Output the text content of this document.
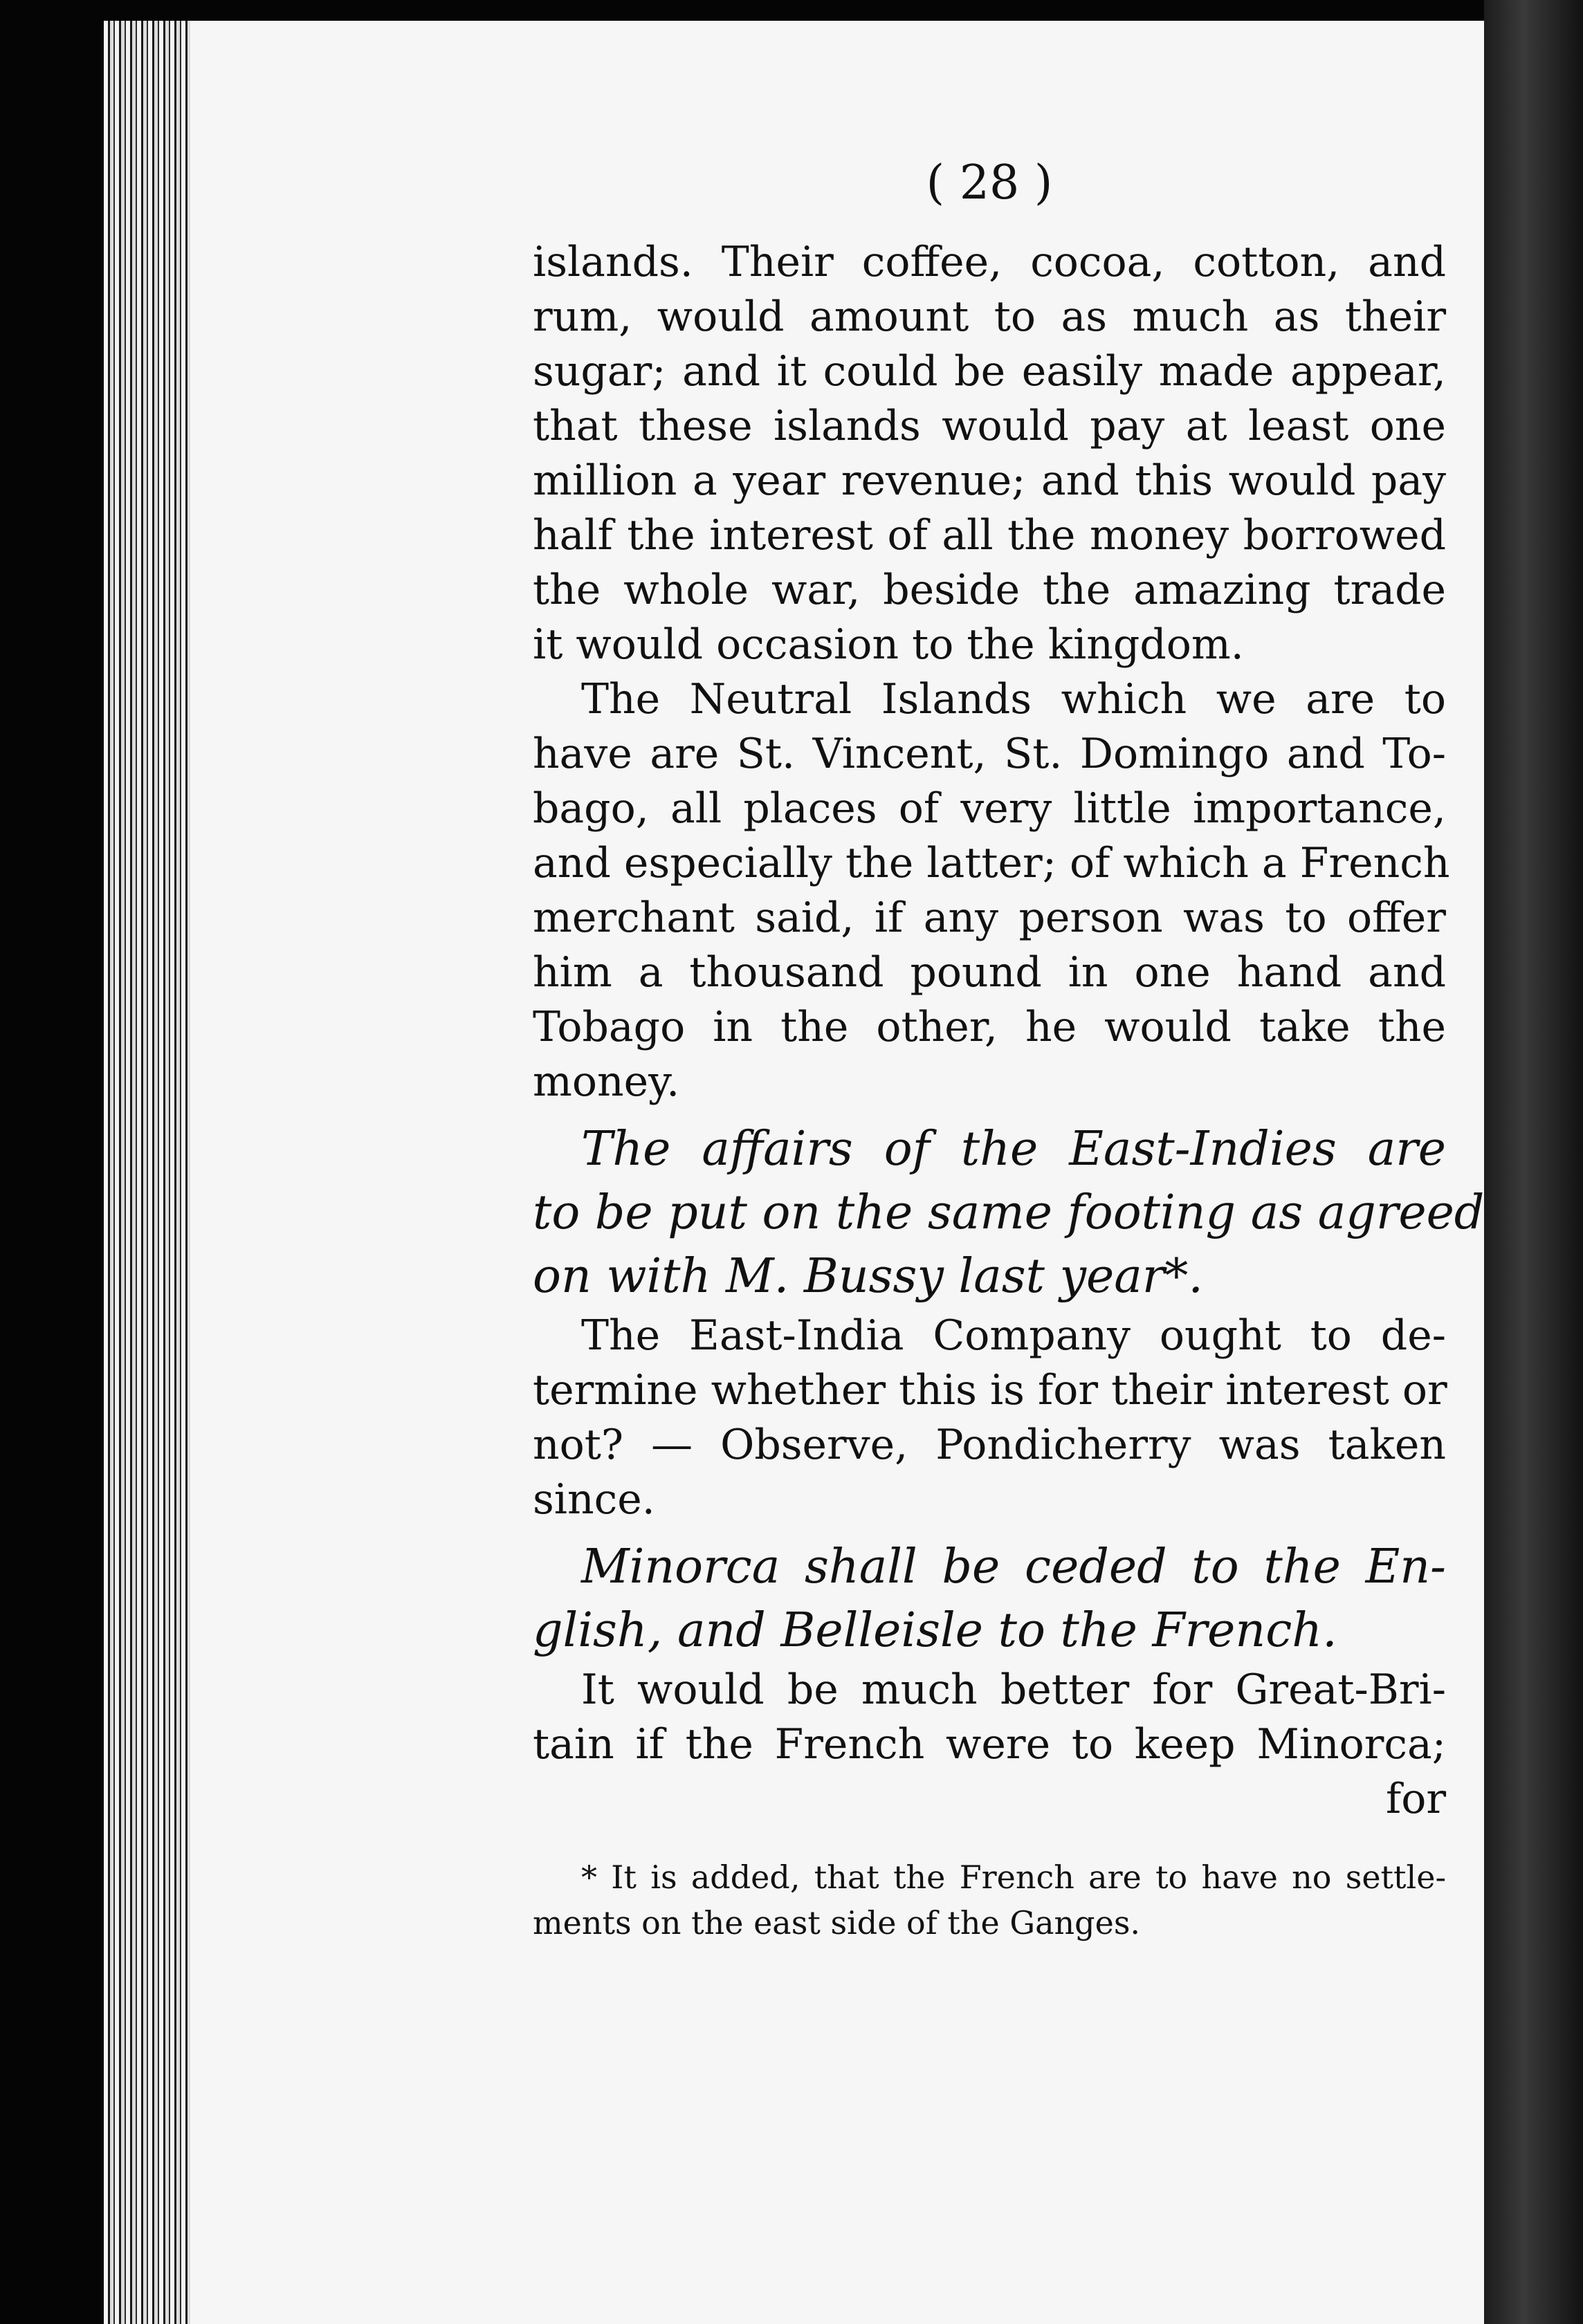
( 28 )
islands. Their coffee, cocoa, cotton, and
rum, would amount to as much as their
sugar; and it could be easily made appear,
that these islands would pay at least one
million a year revenue; and this would pay
half the interest of all the money borrowed
the whole war, beside the amazing trade
it would occasion to the kingdom.
The Neutral Islands which we are to
have are St. Vincent, St. Domingo and To-
bago, all places of very little importance,
and especially the latter; of which a French
merchant said, if any person was to offer
him a thousand pound in one hand and
Tobago in the other, he would take the
money.
The affairs of the East-Indies are
to be put on the same footing as agreed
on with M. Bussy last year*.
The East-India Company ought to de-
termine whether this is for their interest or
not? — Observe, Pondicherry was taken
since.
Minorca shall be ceded to the En-
glish, and Belleisle to the French.
It would be much better for Great-Bri-
tain if the French were to keep Minorca;
for
* It is added, that the French are to have no settle-
ments on the east side of the Ganges.
